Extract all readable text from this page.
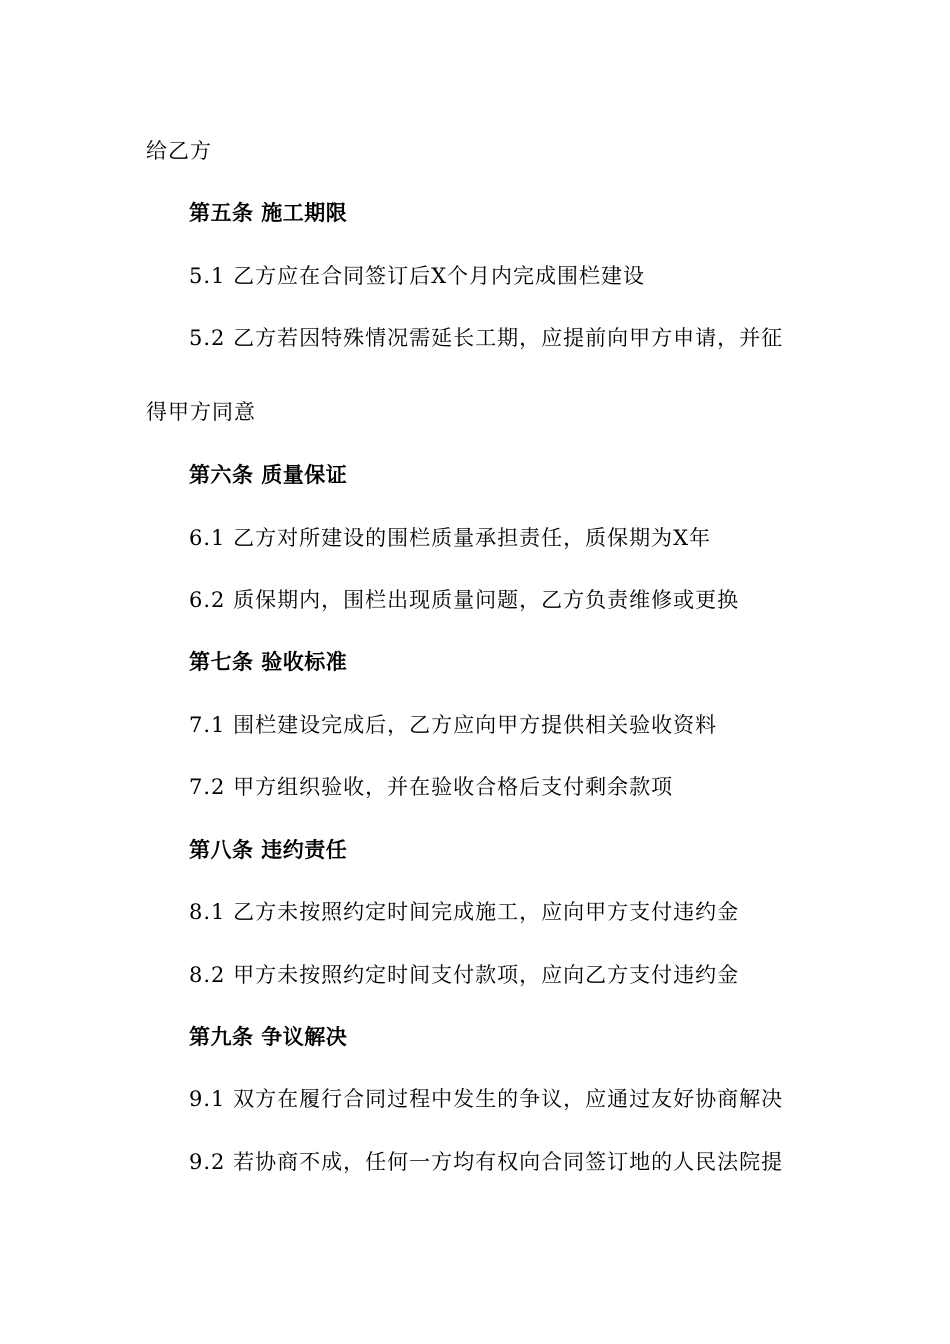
给乙方
第五条 施工期限
5.1 乙方应在合同签订后X个月内完成围栏建设
5.2 乙方若因特殊情况需延长工期，应提前向甲方申请，并征
得甲方同意
第六条 质量保证
6.1 乙方对所建设的围栏质量承担责任，质保期为X年
6.2 质保期内，围栏出现质量问题，乙方负责维修或更换
第七条 验收标准
7.1 围栏建设完成后，乙方应向甲方提供相关验收资料
7.2 甲方组织验收，并在验收合格后支付剩余款项
第八条 违约责任
8.1 乙方未按照约定时间完成施工，应向甲方支付违约金
8.2 甲方未按照约定时间支付款项，应向乙方支付违约金
第九条 争议解决
9.1 双方在履行合同过程中发生的争议，应通过友好协商解决
9.2 若协商不成，任何一方均有权向合同签订地的人民法院提
